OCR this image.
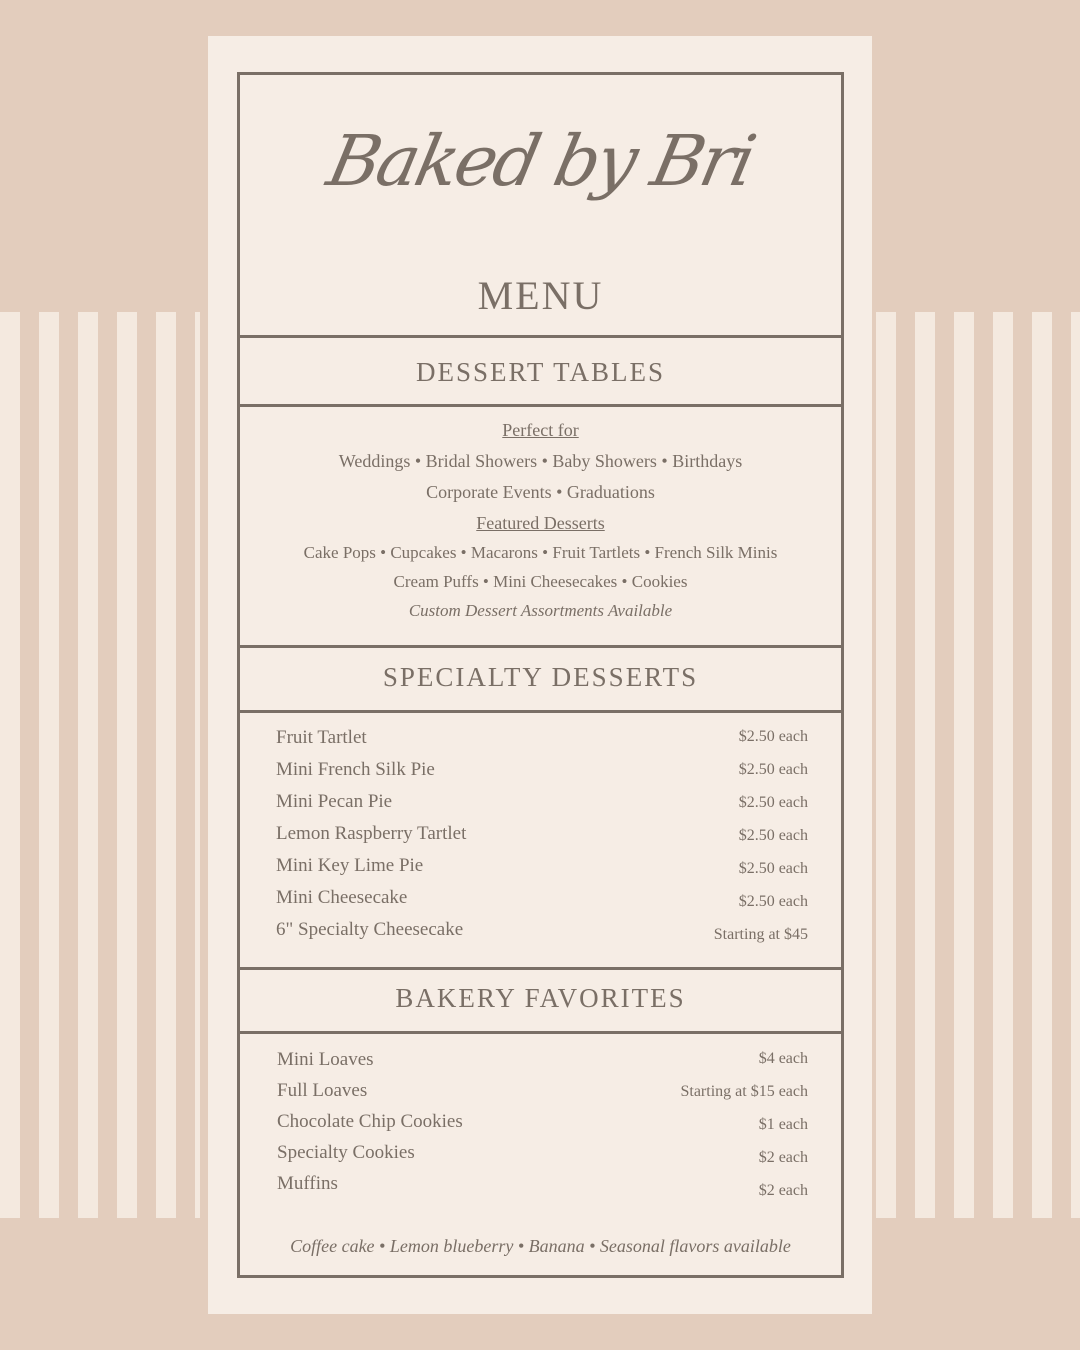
Baked by Bri
MENU
DESSERT TABLES
Perfect for
Weddings • Bridal Showers • Baby Showers • Birthdays
Corporate Events • Graduations
Featured Desserts
Cake Pops • Cupcakes • Macarons • Fruit Tartlets • French Silk Minis
Cream Puffs • Mini Cheesecakes • Cookies
Custom Dessert Assortments Available
SPECIALTY DESSERTS
Fruit Tartlet	$2.50 each
Mini French Silk Pie	$2.50 each
Mini Pecan Pie	$2.50 each
Lemon Raspberry Tartlet	$2.50 each
Mini Key Lime Pie	$2.50 each
Mini Cheesecake	$2.50 each
6" Specialty Cheesecake	Starting at $45
BAKERY FAVORITES
Mini Loaves	$4 each
Full Loaves	Starting at $15 each
Chocolate Chip Cookies	$1 each
Specialty Cookies	$2 each
Muffins	$2 each
Coffee cake • Lemon blueberry • Banana • Seasonal flavors available
